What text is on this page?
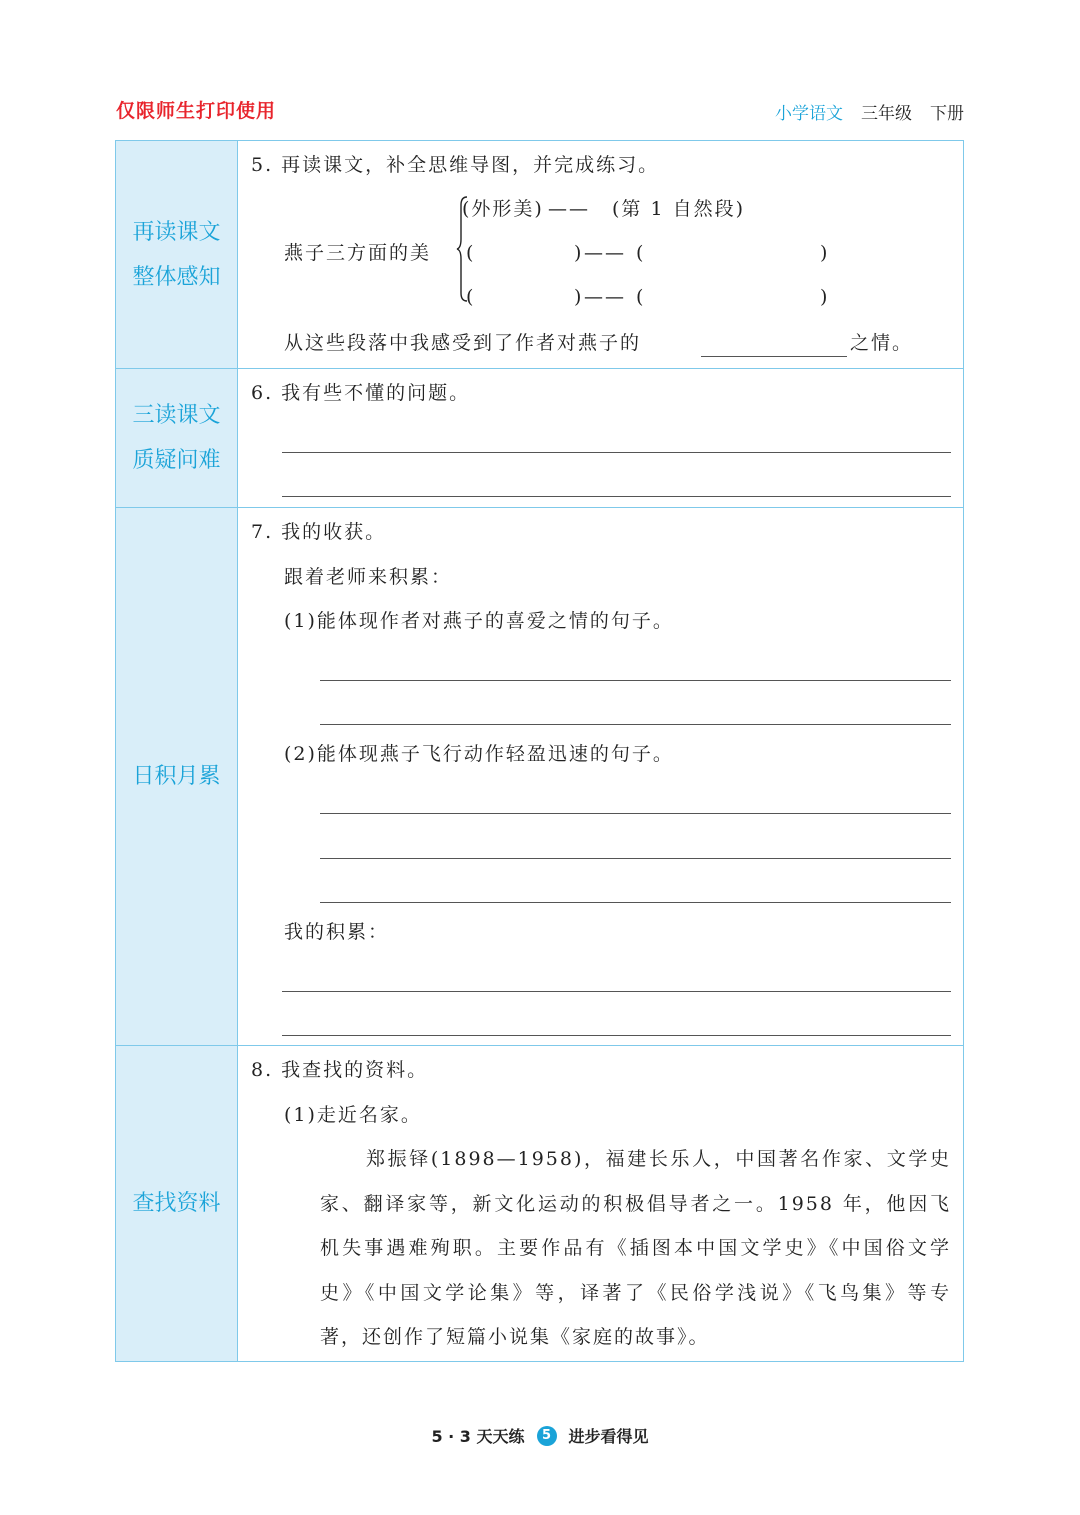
仅限师生打印使用	小学语文 三年级 下册
再读课文
整体感知
5. 再读课文，补全思维导图，并完成练习。
燕子三方面的美
(外形美) —— (第 1 自然段)
(	) —— (	)
(	) —— (	)
从这些段落中我感受到了作者对燕子的	之情。
三读课文
质疑问难
6. 我有些不懂的问题。
日积月累
7. 我的收获。
跟着老师来积累：
(1)能体现作者对燕子的喜爱之情的句子。
(2)能体现燕子飞行动作轻盈迅速的句子。
我的积累：
查找资料
8. 我查找的资料。
(1)走近名家。
郑振铎(1898—1958)，福建长乐人，中国著名作家、文学史家、翻译家等，新文化运动的积极倡导者之一。1958 年，他因飞机失事遇难殉职。主要作品有《插图本中国文学史》《中国俗文学史》《中国文学论集》等，译著了《民俗学浅说》《飞鸟集》等专著，还创作了短篇小说集《家庭的故事》。
5 · 3 天天练	5	进步看得见
